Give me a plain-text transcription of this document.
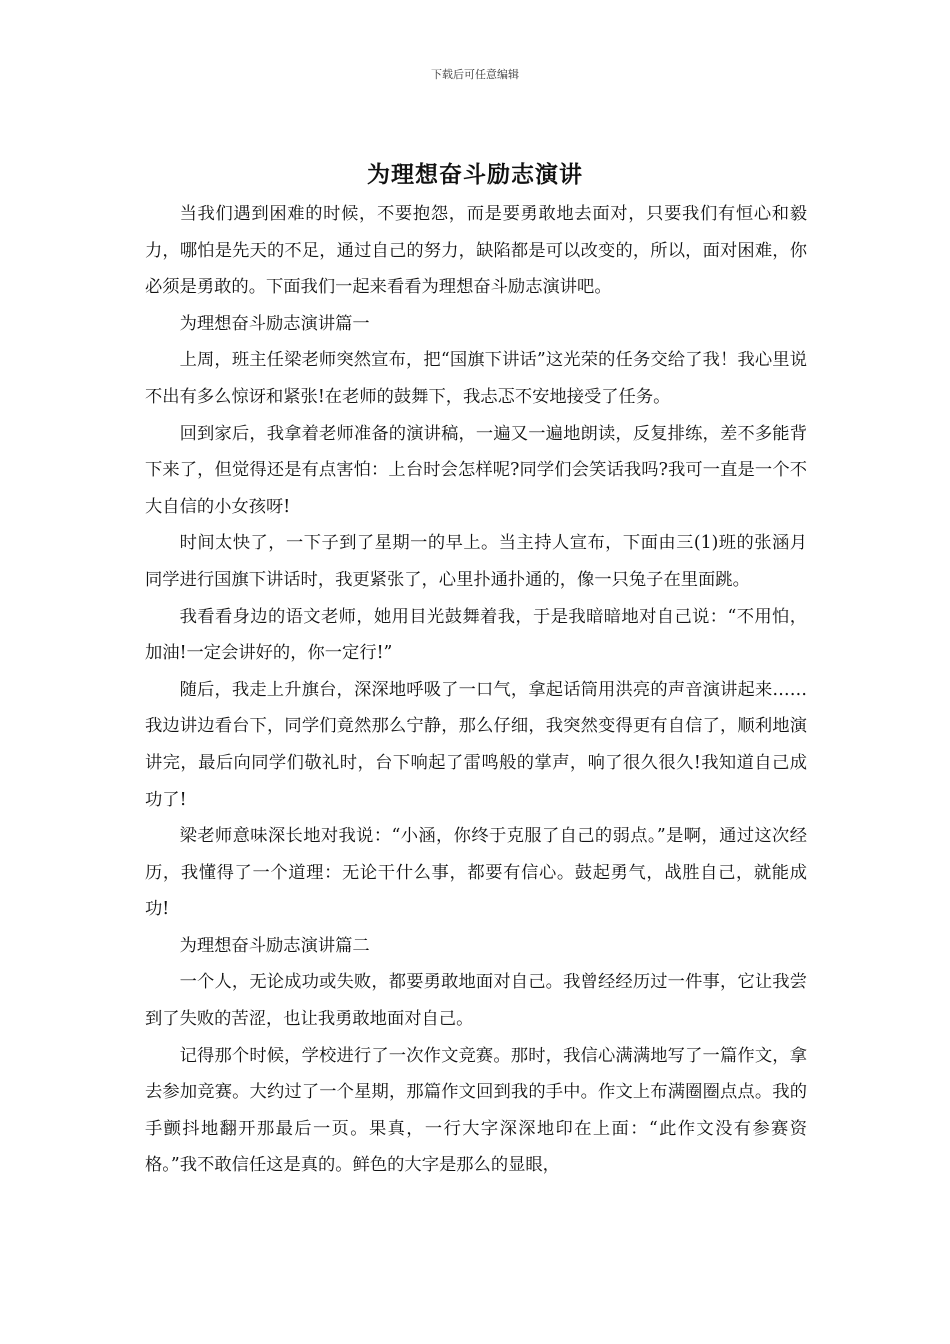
下载后可任意编辑
为理想奋斗励志演讲

当我们遇到困难的时候，不要抱怨，而是要勇敢地去面对，只要我们有恒心和毅力，哪怕是先天的不足，通过自己的努力，缺陷都是可以改变的，所以，面对困难，你必须是勇敢的。下面我们一起来看看为理想奋斗励志演讲吧。

为理想奋斗励志演讲篇一

上周，班主任梁老师突然宣布，把“国旗下讲话”这光荣的任务交给了我！我心里说不出有多么惊讶和紧张!在老师的鼓舞下，我忐忑不安地接受了任务。

回到家后，我拿着老师准备的演讲稿，一遍又一遍地朗读，反复排练，差不多能背下来了，但觉得还是有点害怕：上台时会怎样呢?同学们会笑话我吗?我可一直是一个不大自信的小女孩呀!

时间太快了，一下子到了星期一的早上。当主持人宣布，下面由三(1)班的张涵月同学进行国旗下讲话时，我更紧张了，心里扑通扑通的，像一只兔子在里面跳。

我看看身边的语文老师，她用目光鼓舞着我，于是我暗暗地对自己说：“不用怕，加油!一定会讲好的，你一定行!”

随后，我走上升旗台，深深地呼吸了一口气，拿起话筒用洪亮的声音演讲起来……我边讲边看台下，同学们竟然那么宁静，那么仔细，我突然变得更有自信了，顺利地演讲完，最后向同学们敬礼时，台下响起了雷鸣般的掌声，响了很久很久!我知道自己成功了!

梁老师意味深长地对我说：“小涵，你终于克服了自己的弱点。”是啊，通过这次经历，我懂得了一个道理：无论干什么事，都要有信心。鼓起勇气，战胜自己，就能成功!

为理想奋斗励志演讲篇二

一个人，无论成功或失败，都要勇敢地面对自己。我曾经经历过一件事，它让我尝到了失败的苦涩，也让我勇敢地面对自己。

记得那个时候，学校进行了一次作文竞赛。那时，我信心满满地写了一篇作文，拿去参加竞赛。大约过了一个星期，那篇作文回到我的手中。作文上布满圈圈点点。我的手颤抖地翻开那最后一页。果真，一行大字深深地印在上面：“此作文没有参赛资格。”我不敢信任这是真的。鲜色的大字是那么的显眼，
